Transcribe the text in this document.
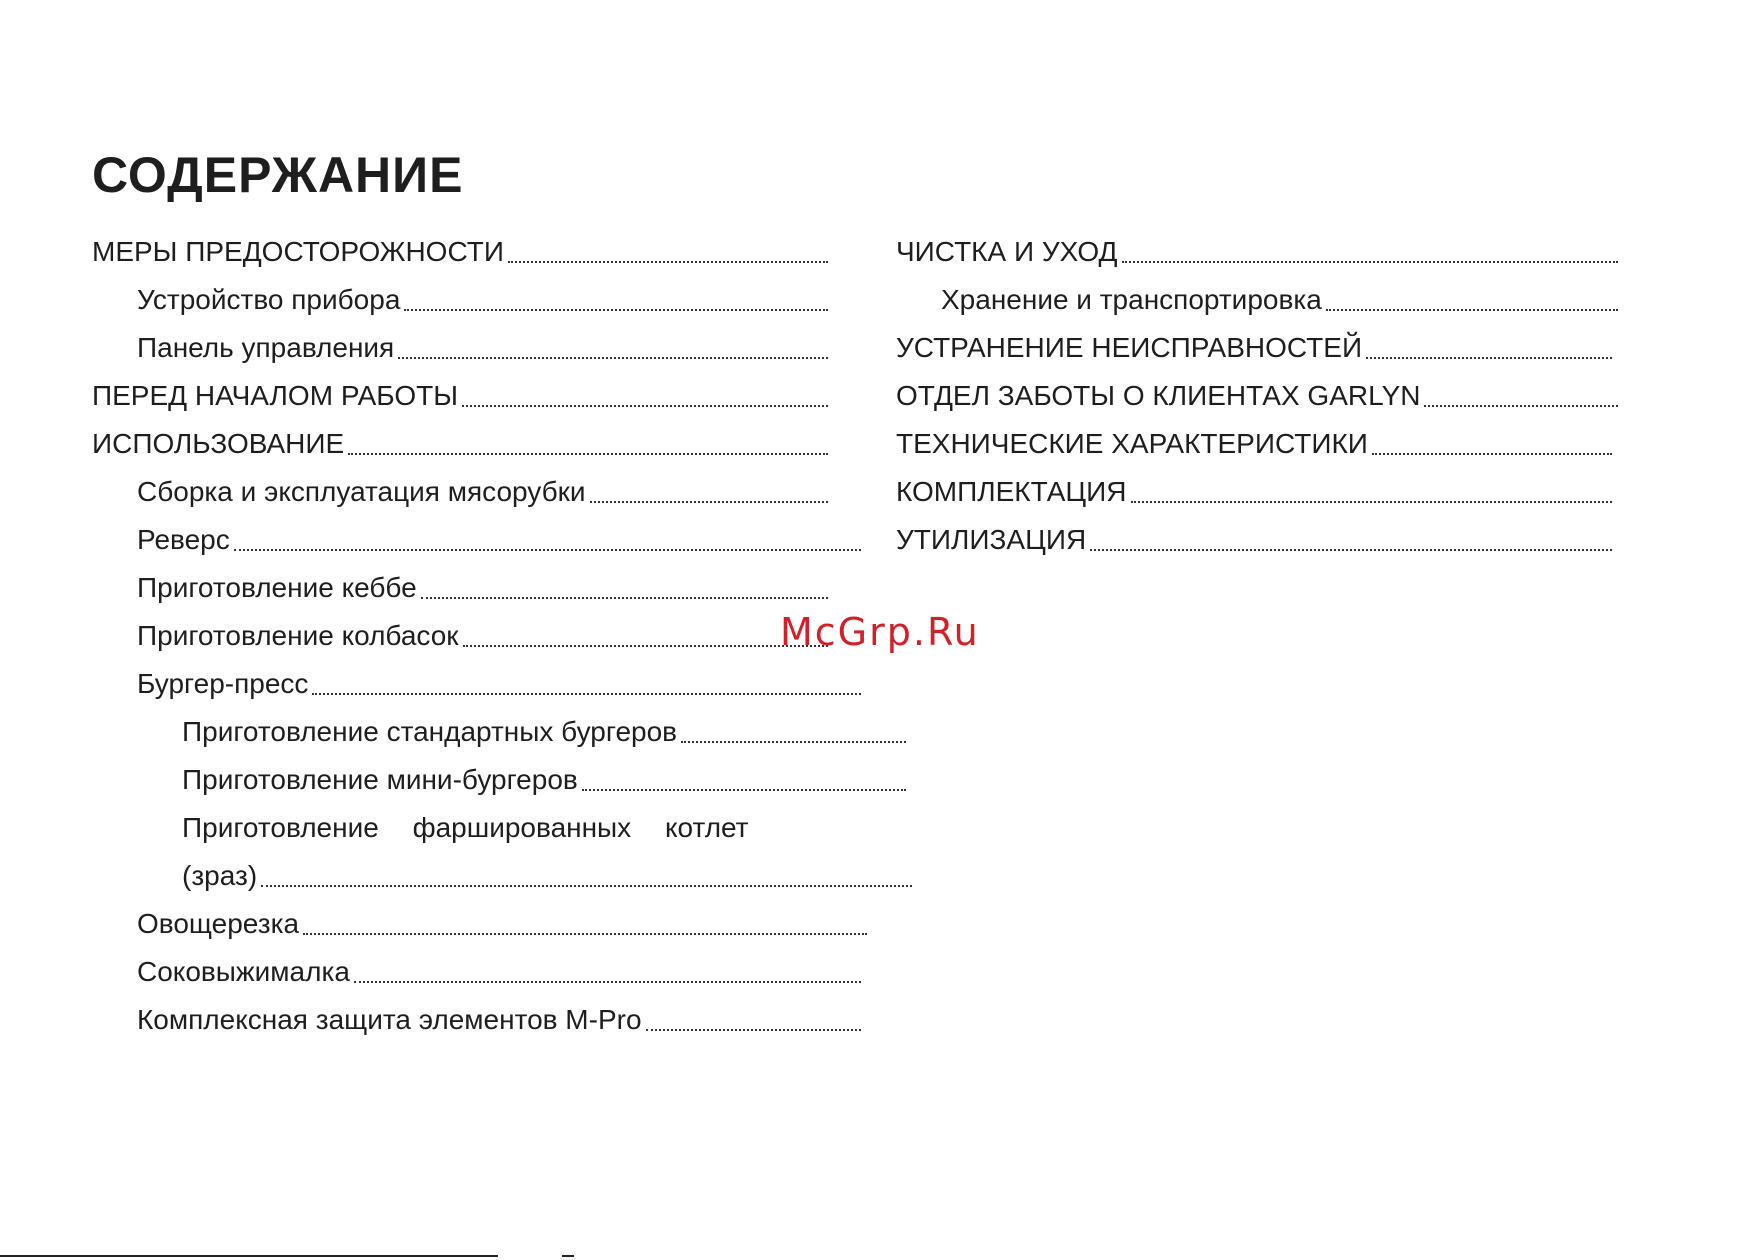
СОДЕРЖАНИЕ
МЕРЫ ПРЕДОСТОРОЖНОСТИ
Устройство прибора
Панель управления
ПЕРЕД НАЧАЛОМ РАБОТЫ
ИСПОЛЬЗОВАНИЕ
Сборка и эксплуатация мясорубки
Реверс
Приготовление кеббе
Приготовление колбасок
Бургер-пресс
Приготовление стандартных бургеров
Приготовление мини-бургеров
Приготовление фаршированных котлет
(зраз)
Овощерезка
Соковыжималка
Комплексная защита элементов M-Pro
ЧИСТКА И УХОД
Хранение и транспортировка
УСТРАНЕНИЕ НЕИСПРАВНОСТЕЙ
ОТДЕЛ ЗАБОТЫ О КЛИЕНТАХ GARLYN
ТЕХНИЧЕСКИЕ ХАРАКТЕРИСТИКИ
КОМПЛЕКТАЦИЯ
УТИЛИЗАЦИЯ
McGrp.Ru
